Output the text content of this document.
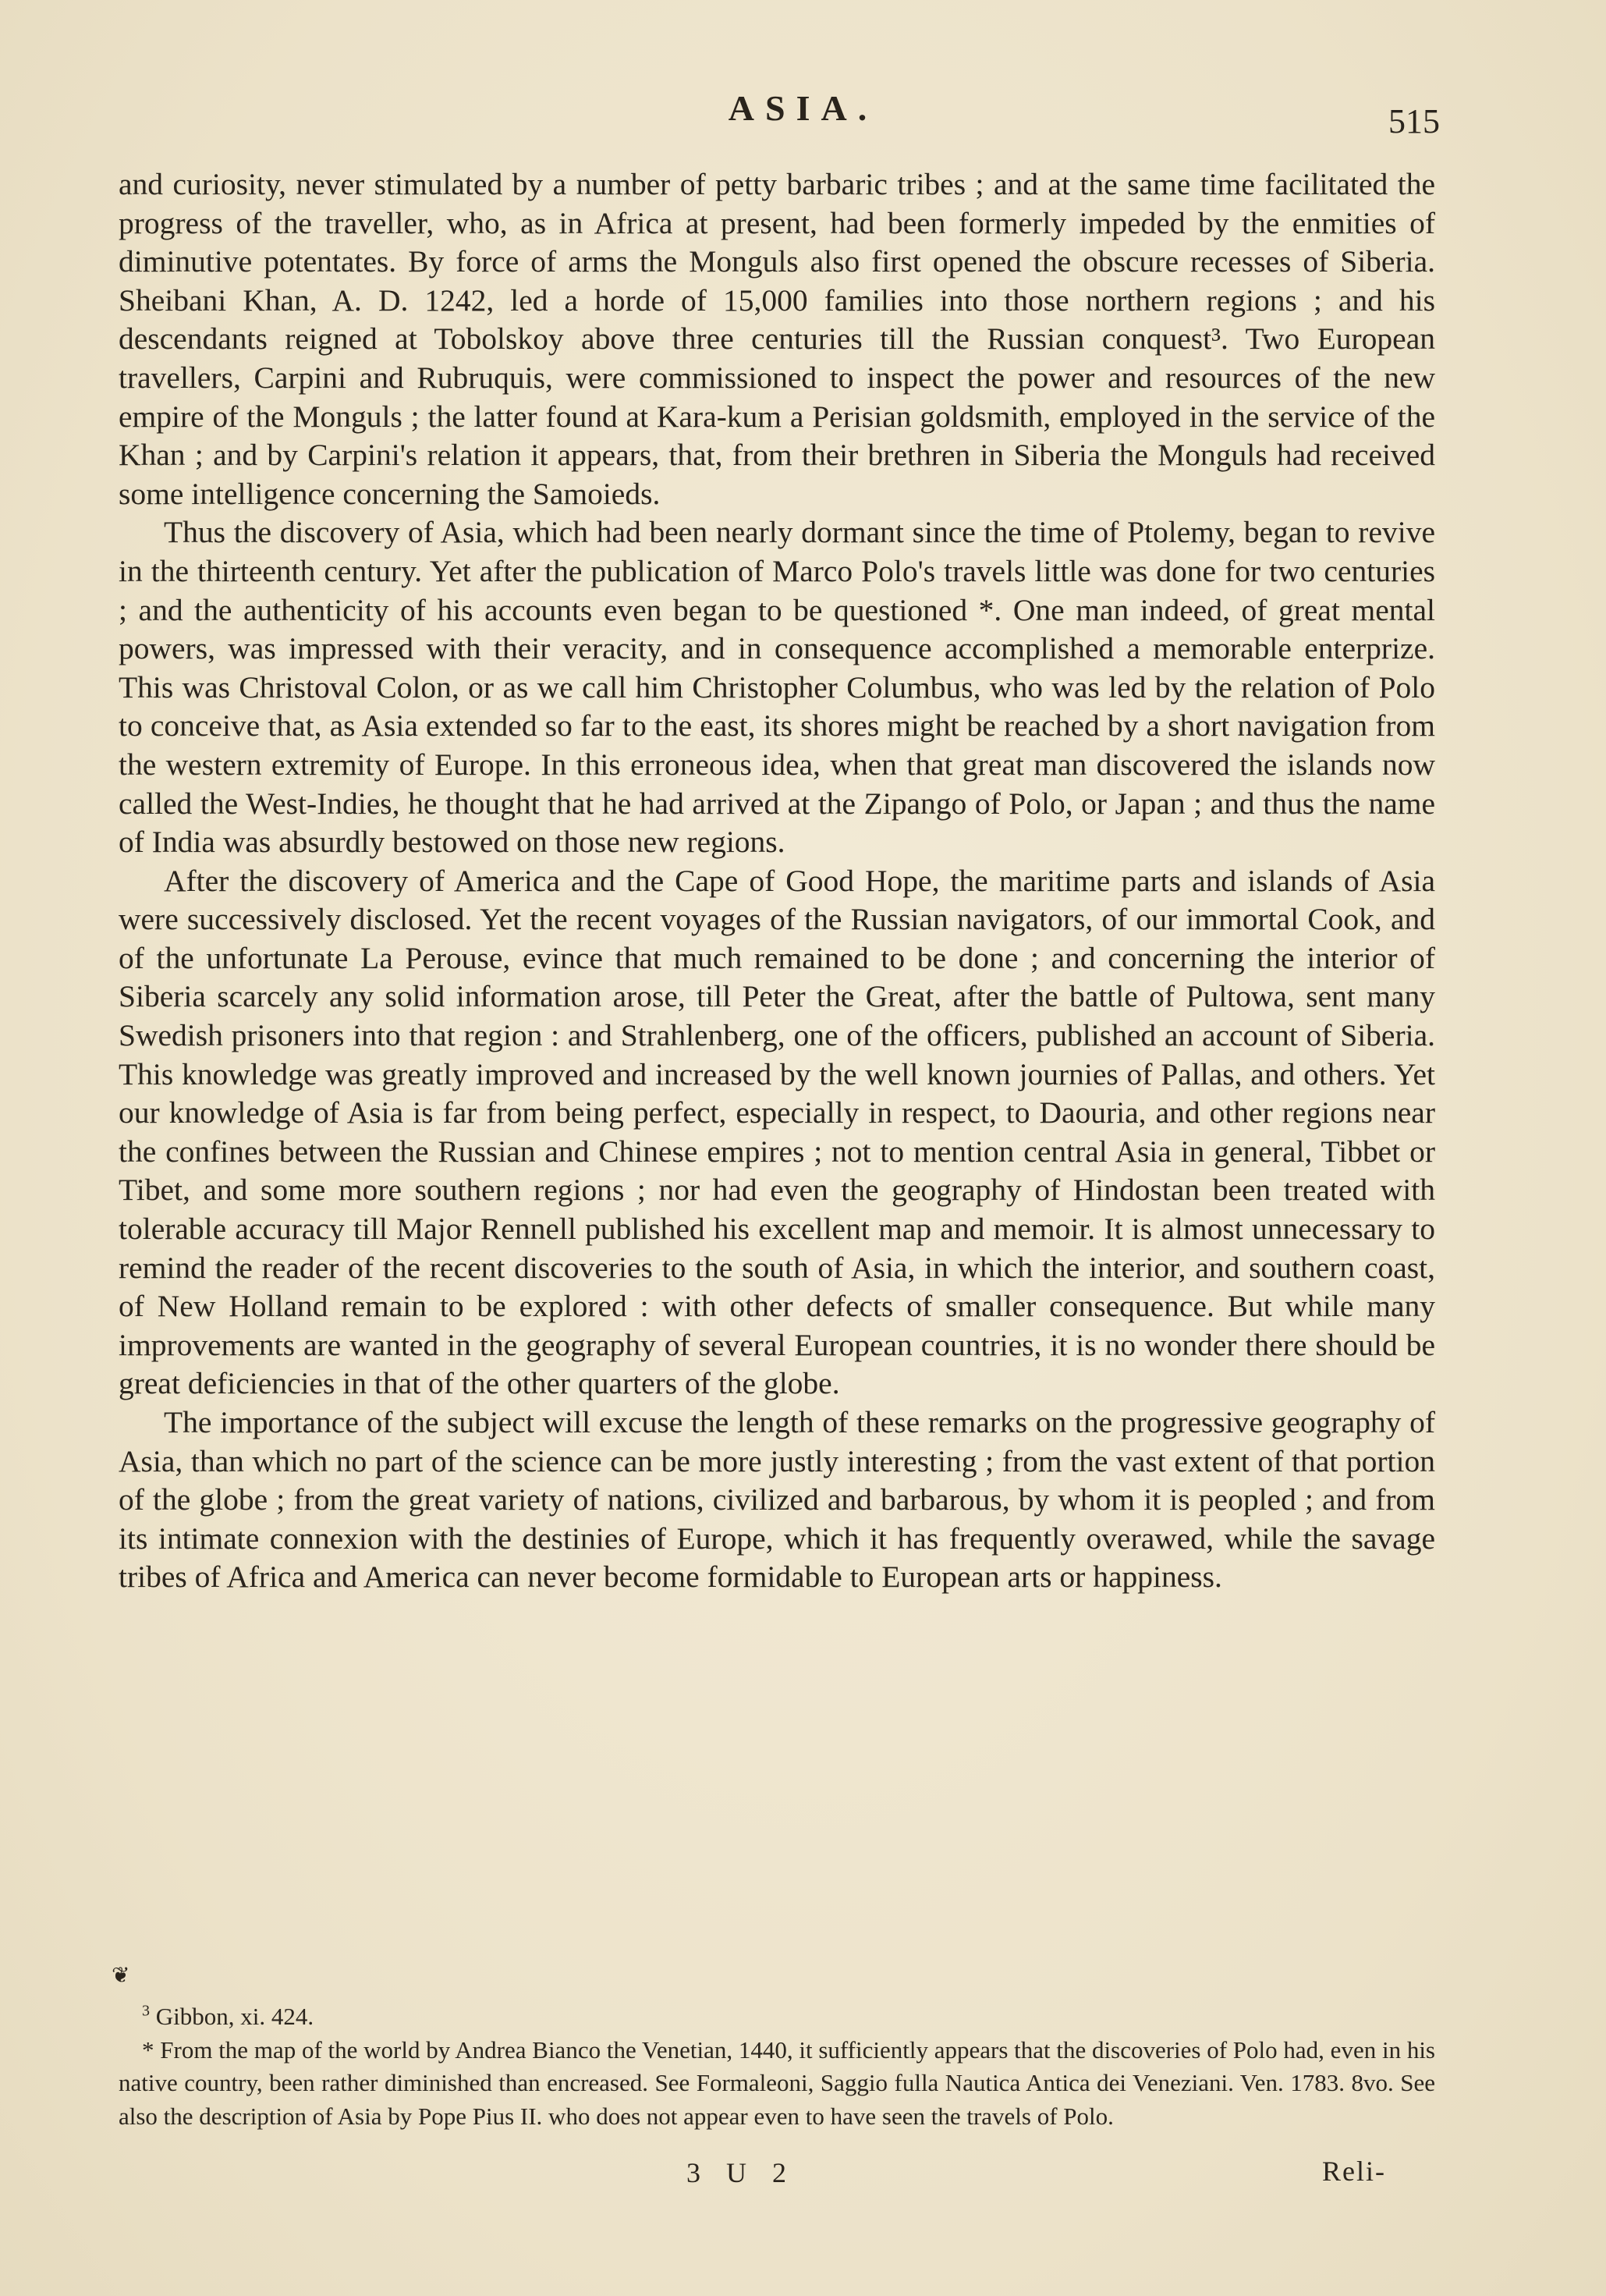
ASIA.	515

and curiosity, never stimulated by a number of petty barbaric tribes ; and at the same time facilitated the progress of the traveller, who, as in Africa at present, had been formerly impeded by the enmities of diminutive potentates. By force of arms the Monguls also first opened the obscure recesses of Siberia. Sheibani Khan, A. D. 1242, led a horde of 15,000 families into those northern regions ; and his descendants reigned at Tobolskoy above three centuries till the Russian conquest³. Two European travellers, Carpini and Rubruquis, were commissioned to inspect the power and resources of the new empire of the Monguls ; the latter found at Kara-kum a Perisian goldsmith, employed in the service of the Khan ; and by Carpini's relation it appears, that, from their brethren in Siberia the Monguls had received some intelligence concerning the Samoieds.

Thus the discovery of Asia, which had been nearly dormant since the time of Ptolemy, began to revive in the thirteenth century. Yet after the publication of Marco Polo's travels little was done for two centuries ; and the authenticity of his accounts even began to be questioned *. One man indeed, of great mental powers, was impressed with their veracity, and in consequence accomplished a memorable enterprize. This was Christoval Colon, or as we call him Christopher Columbus, who was led by the relation of Polo to conceive that, as Asia extended so far to the east, its shores might be reached by a short navigation from the western extremity of Europe. In this erroneous idea, when that great man discovered the islands now called the West-Indies, he thought that he had arrived at the Zipango of Polo, or Japan ; and thus the name of India was absurdly bestowed on those new regions.

After the discovery of America and the Cape of Good Hope, the maritime parts and islands of Asia were successively disclosed. Yet the recent voyages of the Russian navigators, of our immortal Cook, and of the unfortunate La Perouse, evince that much remained to be done ; and concerning the interior of Siberia scarcely any solid information arose, till Peter the Great, after the battle of Pultowa, sent many Swedish prisoners into that region : and Strahlenberg, one of the officers, published an account of Siberia. This knowledge was greatly improved and increased by the well known journies of Pallas, and others. Yet our knowledge of Asia is far from being perfect, especially in respect, to Daouria, and other regions near the confines between the Russian and Chinese empires ; not to mention central Asia in general, Tibbet or Tibet, and some more southern regions ; nor had even the geography of Hindostan been treated with tolerable accuracy till Major Rennell published his excellent map and memoir. It is almost unnecessary to remind the reader of the recent discoveries to the south of Asia, in which the interior, and southern coast, of New Holland remain to be explored : with other defects of smaller consequence. But while many improvements are wanted in the geography of several European countries, it is no wonder there should be great deficiencies in that of the other quarters of the globe.

The importance of the subject will excuse the length of these remarks on the progressive geography of Asia, than which no part of the science can be more justly interesting ; from the vast extent of that portion of the globe ; from the great variety of nations, civilized and barbarous, by whom it is peopled ; and from its intimate connexion with the destinies of Europe, which it has frequently overawed, while the savage tribes of Africa and America can never become formidable to European arts or happiness.

❦

$^3$ Gibbon, xi. 424.

* From the map of the world by Andrea Bianco the Venetian, 1440, it sufficiently appears that the discoveries of Polo had, even in his native country, been rather diminished than encreased. See Formaleoni, Saggio fulla Nautica Antica dei Veneziani. Ven. 1783. 8vo. See also the description of Asia by Pope Pius II. who does not appear even to have seen the travels of Polo.

3 U 2	Reli-
